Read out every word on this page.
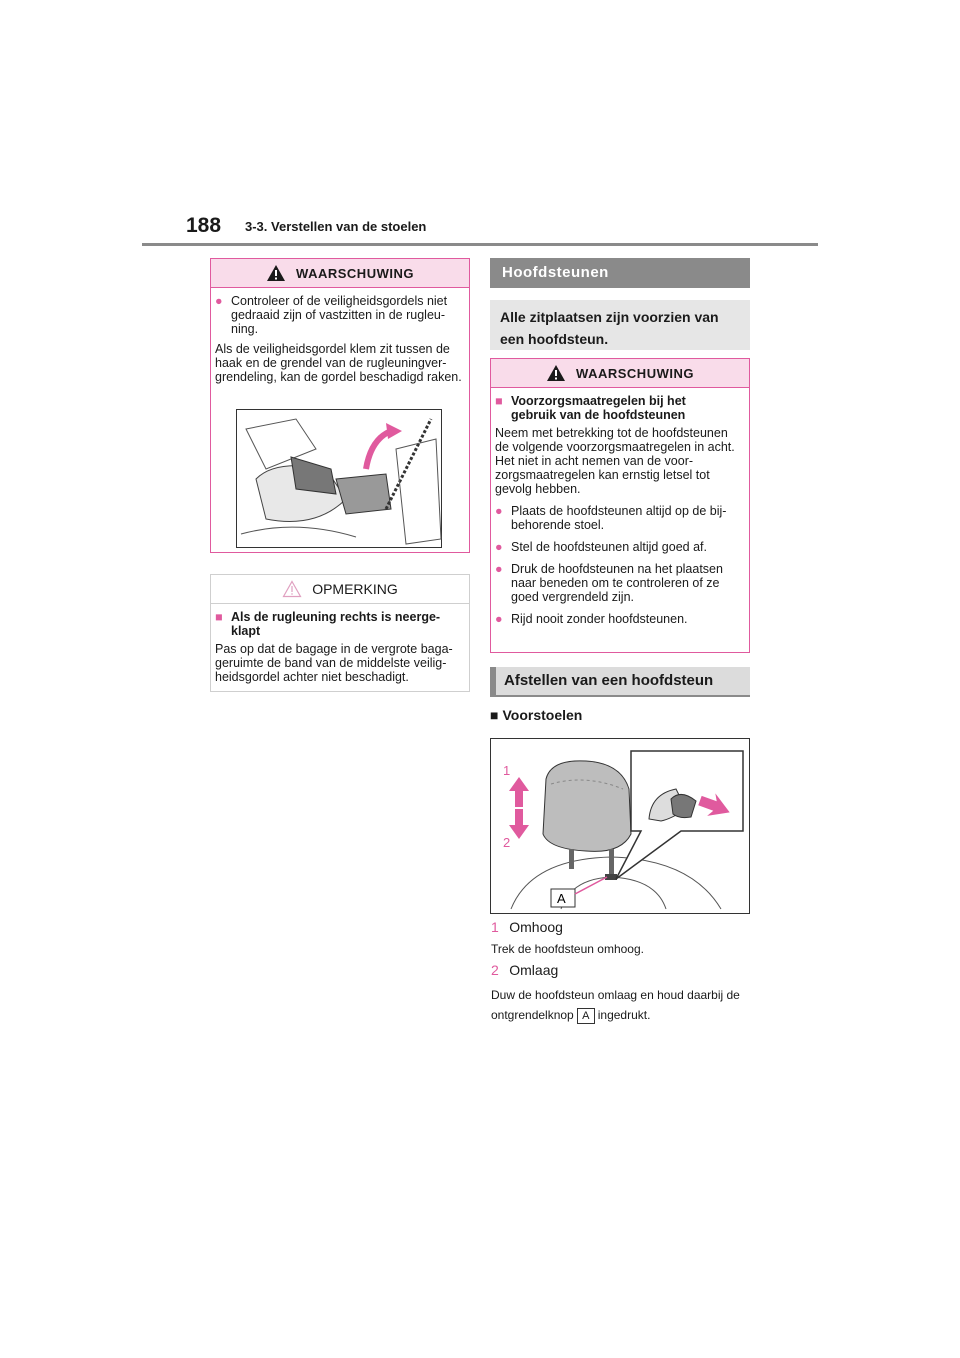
188 3-3. Verstellen van de stoelen
WAARSCHUWING
● Controleer of de veiligheidsgordels niet gedraaid zijn of vastzitten in de rugleu-ning.

Als de veiligheidsgordel klem zit tussen de haak en de grendel van de rugleuningver-grendeling, kan de gordel beschadigd raken.

OPMERKING
■ Als de rugleuning rechts is neerge-klapt

Pas op dat de bagage in de vergrote baga-geruimte de band van de middelste veilig-heidsgordel achter niet beschadigt.

Hoofdsteunen
Alle zitplaatsen zijn voorzien van een hoofdsteun.
WAARSCHUWING
■ Voorzorgsmaatregelen bij het gebruik van de hoofdsteunen

Neem met betrekking tot de hoofdsteunen de volgende voorzorgsmaatregelen in acht. Het niet in acht nemen van de voor-zorgsmaatregelen kan ernstig letsel tot gevolg hebben.

● Plaats de hoofdsteunen altijd op de bij-behorende stoel.
● Stel de hoofdsteunen altijd goed af.
● Druk de hoofdsteunen na het plaatsen naar beneden om te controleren of ze goed vergrendeld zijn.
● Rijd nooit zonder hoofdsteunen.
Afstellen van een hoofdsteun
■ Voorstoelen
1
2
A
1 Omhoog
Trek de hoofdsteun omhoog.
2 Omlaag
Duw de hoofdsteun omlaag en houd daarbij de ontgrendelknop A ingedrukt.
